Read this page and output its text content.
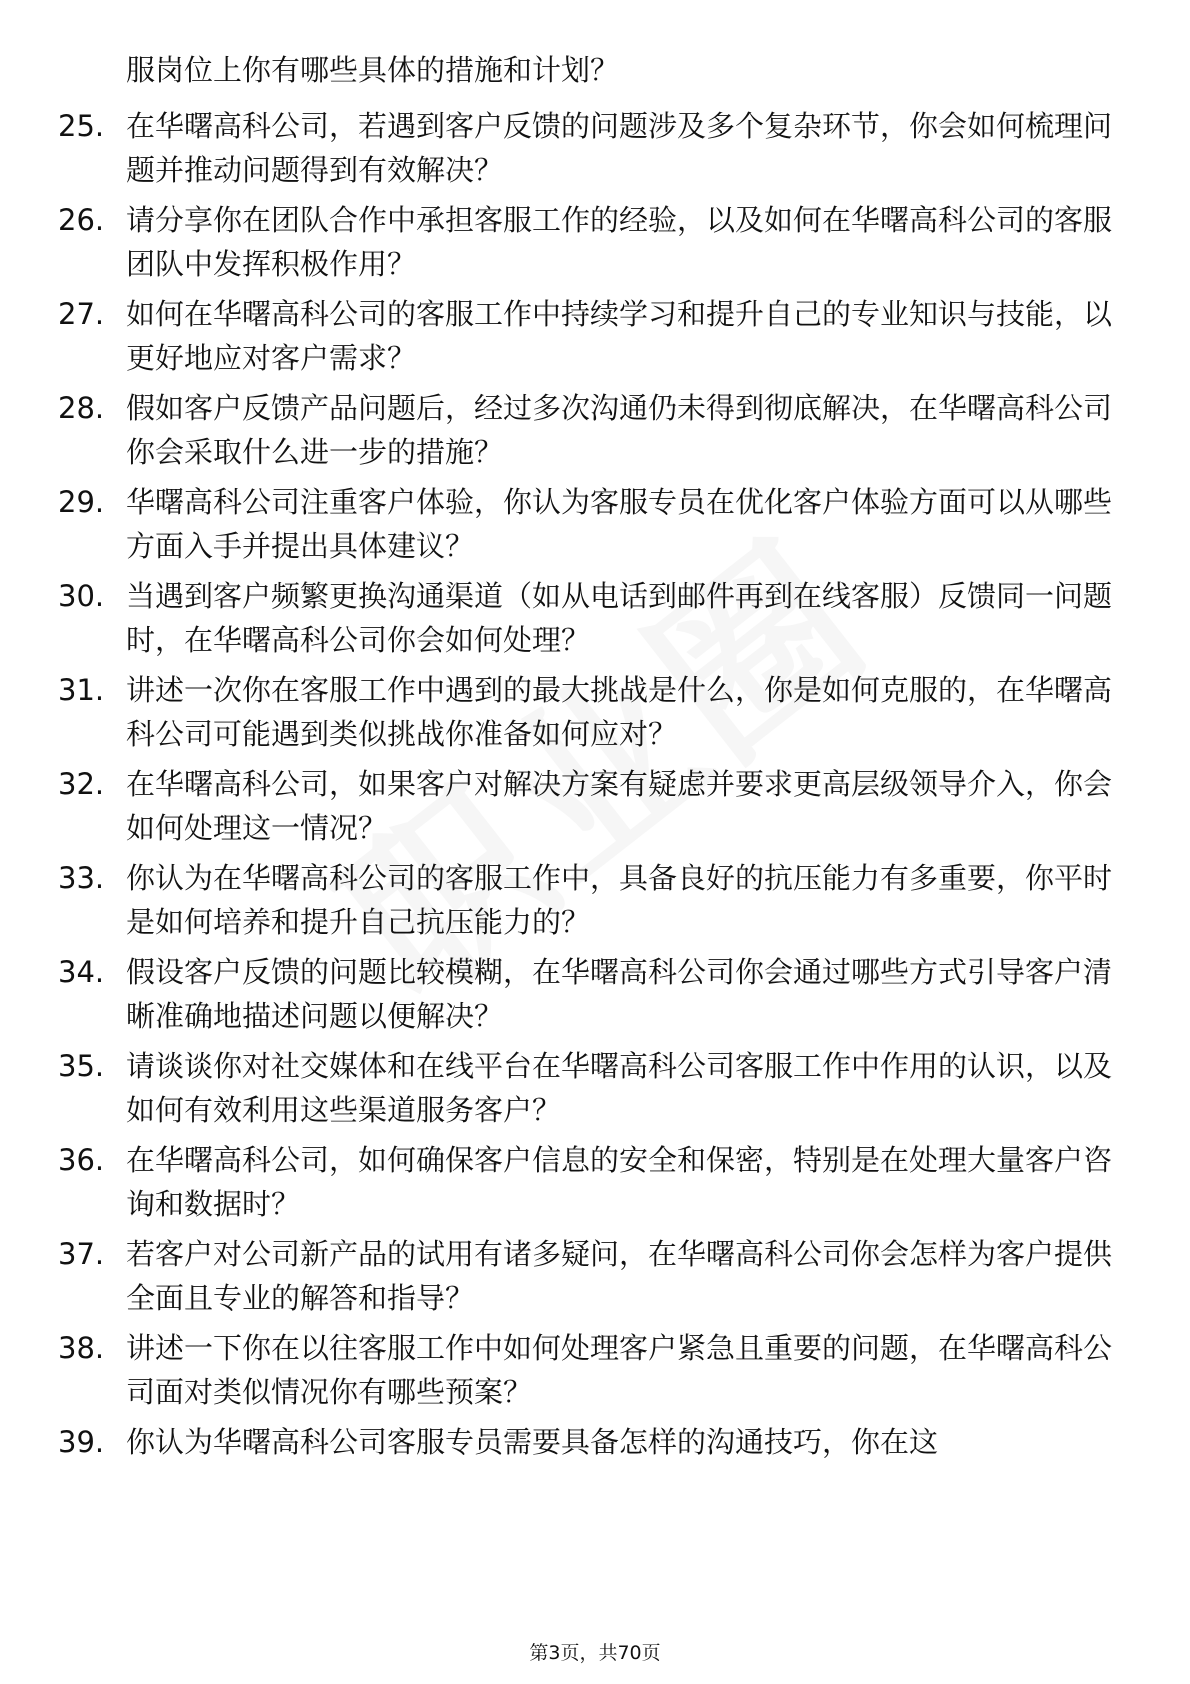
服岗位上你有哪些具体的措施和计划？
25. 在华曙高科公司，若遇到客户反馈的问题涉及多个复杂环节，你会如何梳理问题并推动问题得到有效解决？
26. 请分享你在团队合作中承担客服工作的经验，以及如何在华曙高科公司的客服团队中发挥积极作用？
27. 如何在华曙高科公司的客服工作中持续学习和提升自己的专业知识与技能，以更好地应对客户需求？
28. 假如客户反馈产品问题后，经过多次沟通仍未得到彻底解决，在华曙高科公司你会采取什么进一步的措施？
29. 华曙高科公司注重客户体验，你认为客服专员在优化客户体验方面可以从哪些方面入手并提出具体建议？
30. 当遇到客户频繁更换沟通渠道（如从电话到邮件再到在线客服）反馈同一问题时，在华曙高科公司你会如何处理？
31. 讲述一次你在客服工作中遇到的最大挑战是什么，你是如何克服的，在华曙高科公司可能遇到类似挑战你准备如何应对？
32. 在华曙高科公司，如果客户对解决方案有疑虑并要求更高层级领导介入，你会如何处理这一情况？
33. 你认为在华曙高科公司的客服工作中，具备良好的抗压能力有多重要，你平时是如何培养和提升自己抗压能力的？
34. 假设客户反馈的问题比较模糊，在华曙高科公司你会通过哪些方式引导客户清晰准确地描述问题以便解决？
35. 请谈谈你对社交媒体和在线平台在华曙高科公司客服工作中作用的认识，以及如何有效利用这些渠道服务客户？
36. 在华曙高科公司，如何确保客户信息的安全和保密，特别是在处理大量客户咨询和数据时？
37. 若客户对公司新产品的试用有诸多疑问，在华曙高科公司你会怎样为客户提供全面且专业的解答和指导？
38. 讲述一下你在以往客服工作中如何处理客户紧急且重要的问题，在华曙高科公司面对类似情况你有哪些预案？
39. 你认为华曙高科公司客服专员需要具备怎样的沟通技巧，你在这
第3页，共70页
